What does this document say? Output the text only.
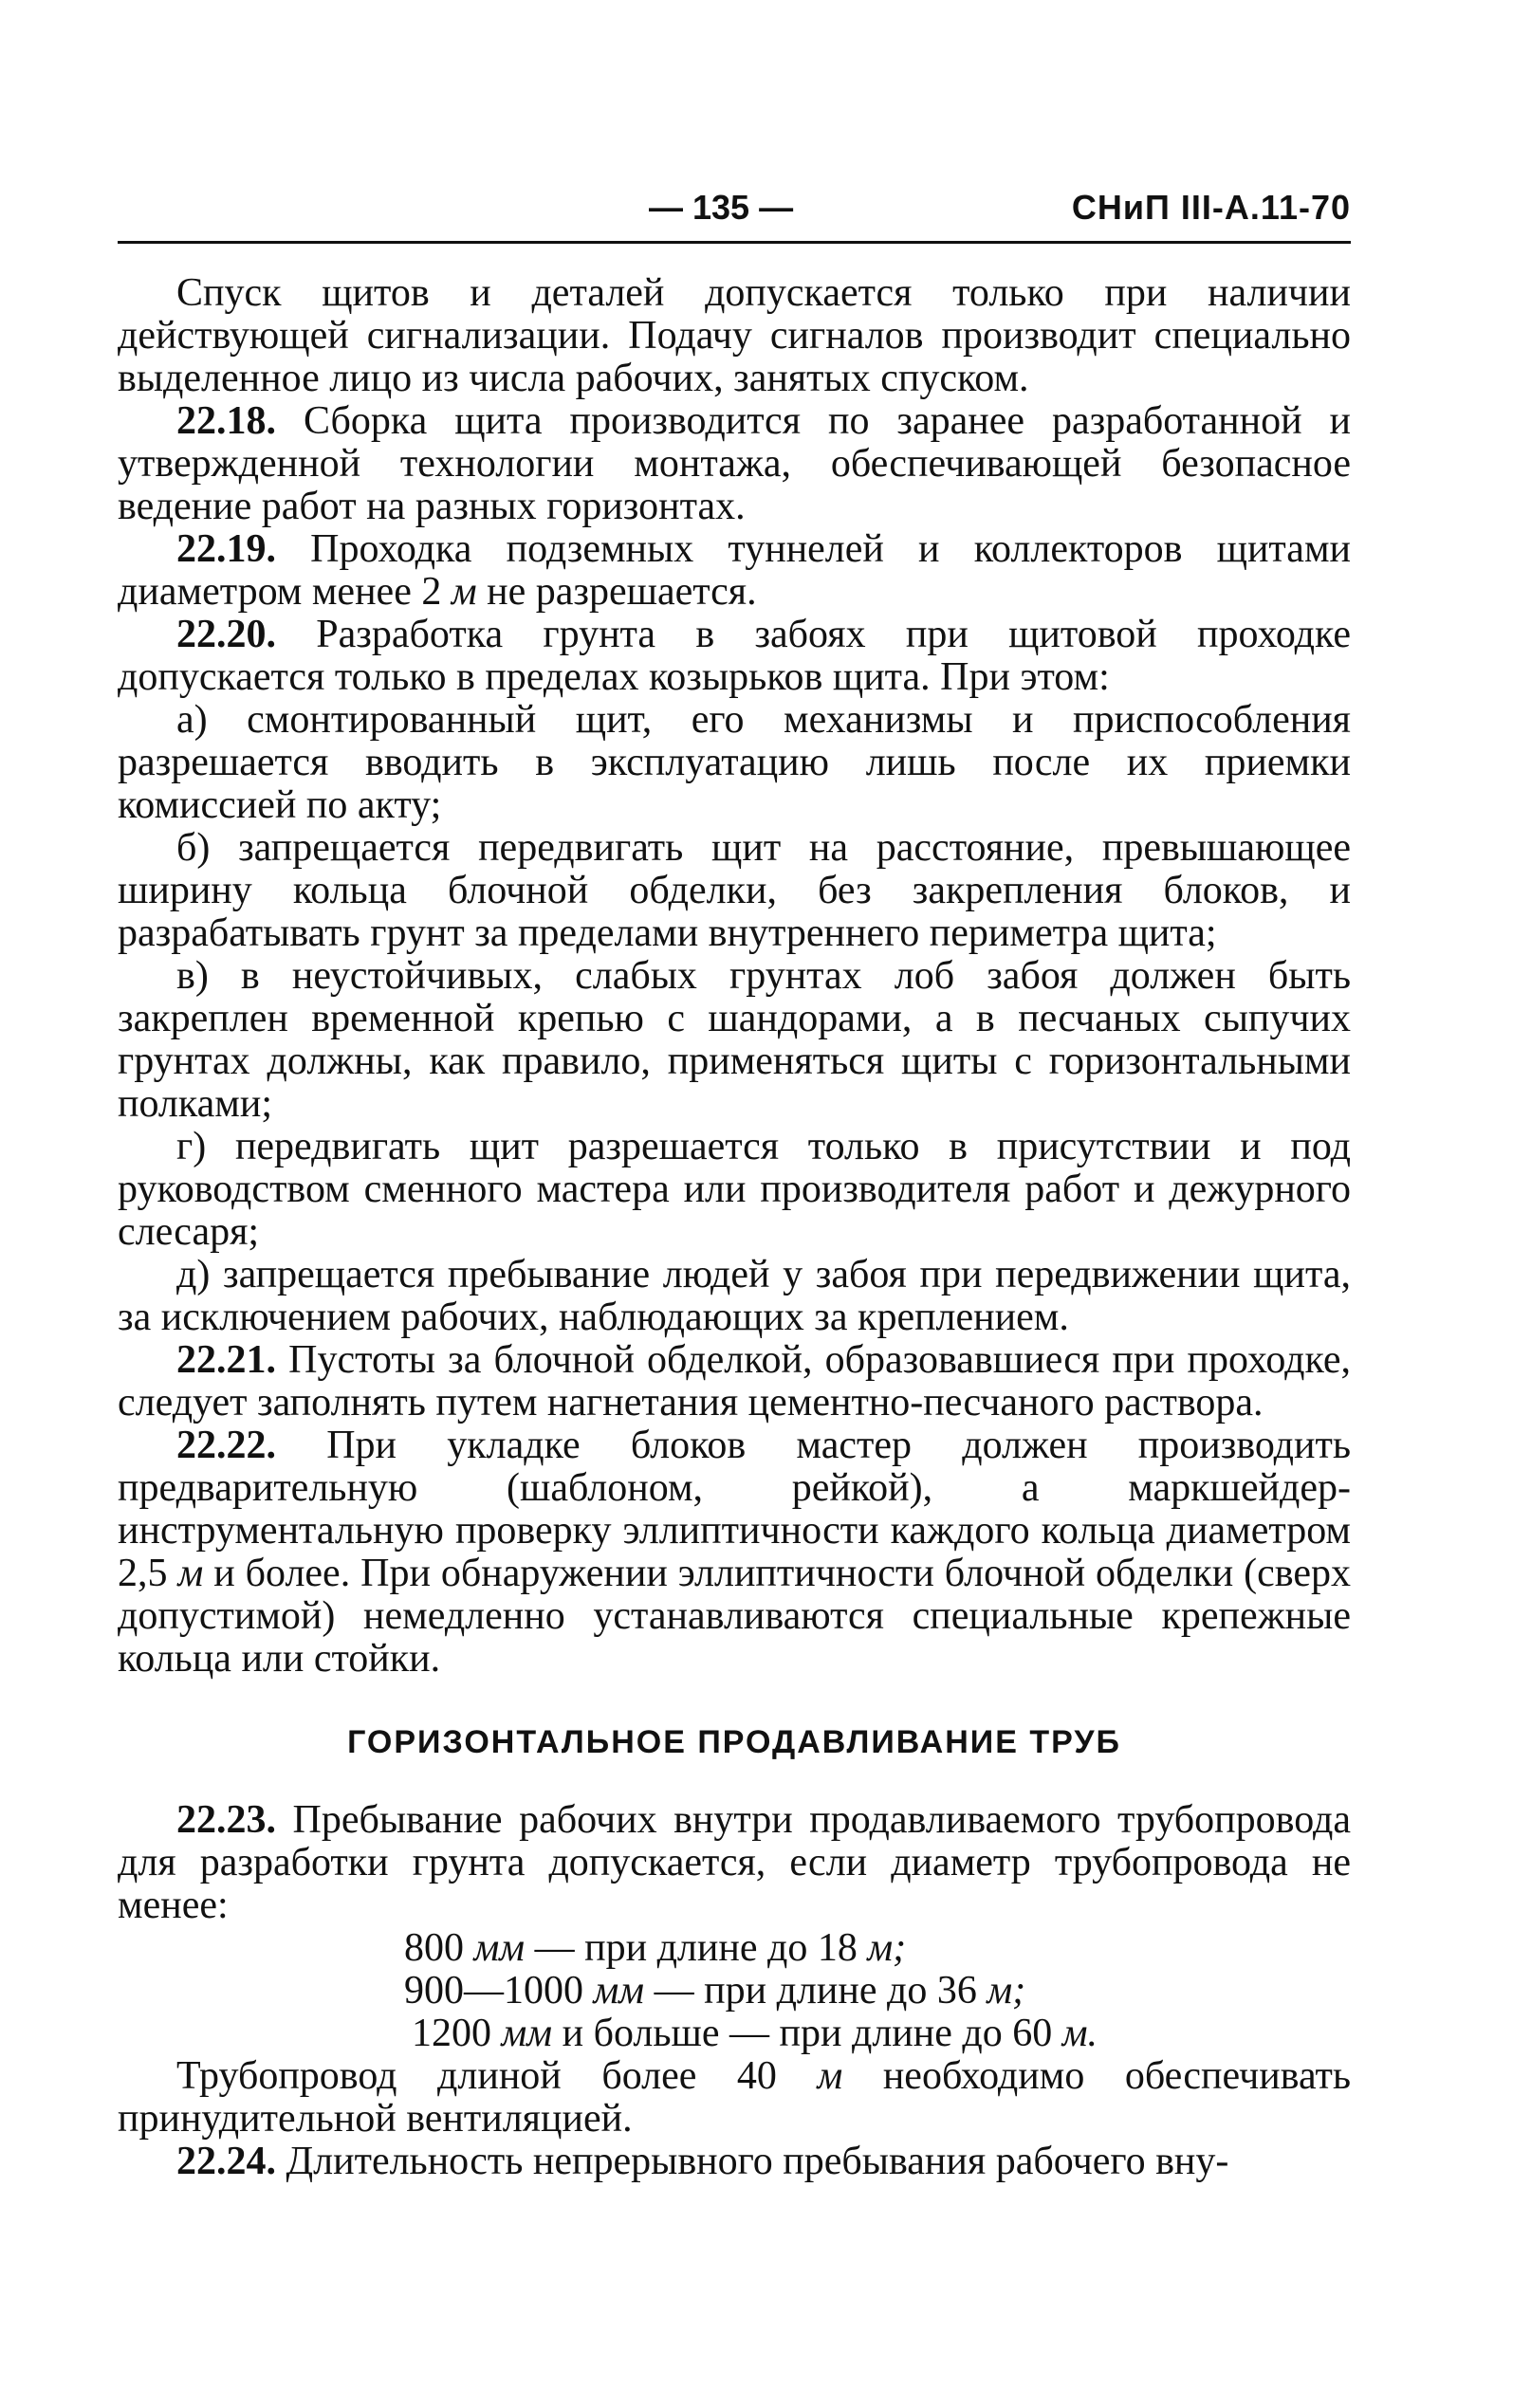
— 135 —	СНиП III-А.11-70

Спуск щитов и деталей допускается только при наличии действующей сигнализации. Подачу сигналов производит специально выделенное лицо из числа рабочих, занятых спуском.

22.18. Сборка щита производится по заранее разработанной и утвержденной технологии монтажа, обеспечивающей безопасное ведение работ на разных горизонтах.

22.19. Проходка подземных туннелей и коллекторов щитами диаметром менее 2 м не разрешается.

22.20. Разработка грунта в забоях при щитовой проходке допускается только в пределах козырьков щита. При этом:

а) смонтированный щит, его механизмы и приспособления разрешается вводить в эксплуатацию лишь после их приемки комиссией по акту;

б) запрещается передвигать щит на расстояние, превышающее ширину кольца блочной обделки, без закрепления блоков, и разрабатывать грунт за пределами внутреннего периметра щита;

в) в неустойчивых, слабых грунтах лоб забоя должен быть закреплен временной крепью с шандорами, а в песчаных сыпучих грунтах должны, как правило, применяться щиты с горизонтальными полками;

г) передвигать щит разрешается только в присутствии и под руководством сменного мастера или производителя работ и дежурного слесаря;

д) запрещается пребывание людей у забоя при передвижении щита, за исключением рабочих, наблюдающих за креплением.

22.21. Пустоты за блочной обделкой, образовавшиеся при проходке, следует заполнять путем нагнетания цементно-песчаного раствора.

22.22. При укладке блоков мастер должен производить предварительную (шаблоном, рейкой), а маркшейдер-инструментальную проверку эллиптичности каждого кольца диаметром 2,5 м и более. При обнаружении эллиптичности блочной обделки (сверх допустимой) немедленно устанавливаются специальные крепежные кольца или стойки.

ГОРИЗОНТАЛЬНОЕ ПРОДАВЛИВАНИЕ ТРУБ

22.23. Пребывание рабочих внутри продавливаемого трубопровода для разработки грунта допускается, если диаметр трубопровода не менее:

800 мм — при длине до 18 м;

900—1000 мм — при длине до 36 м;

1200 мм и больше — при длине до 60 м.

Трубопровод длиной более 40 м необходимо обеспечивать принудительной вентиляцией.

22.24. Длительность непрерывного пребывания рабочего вну-
